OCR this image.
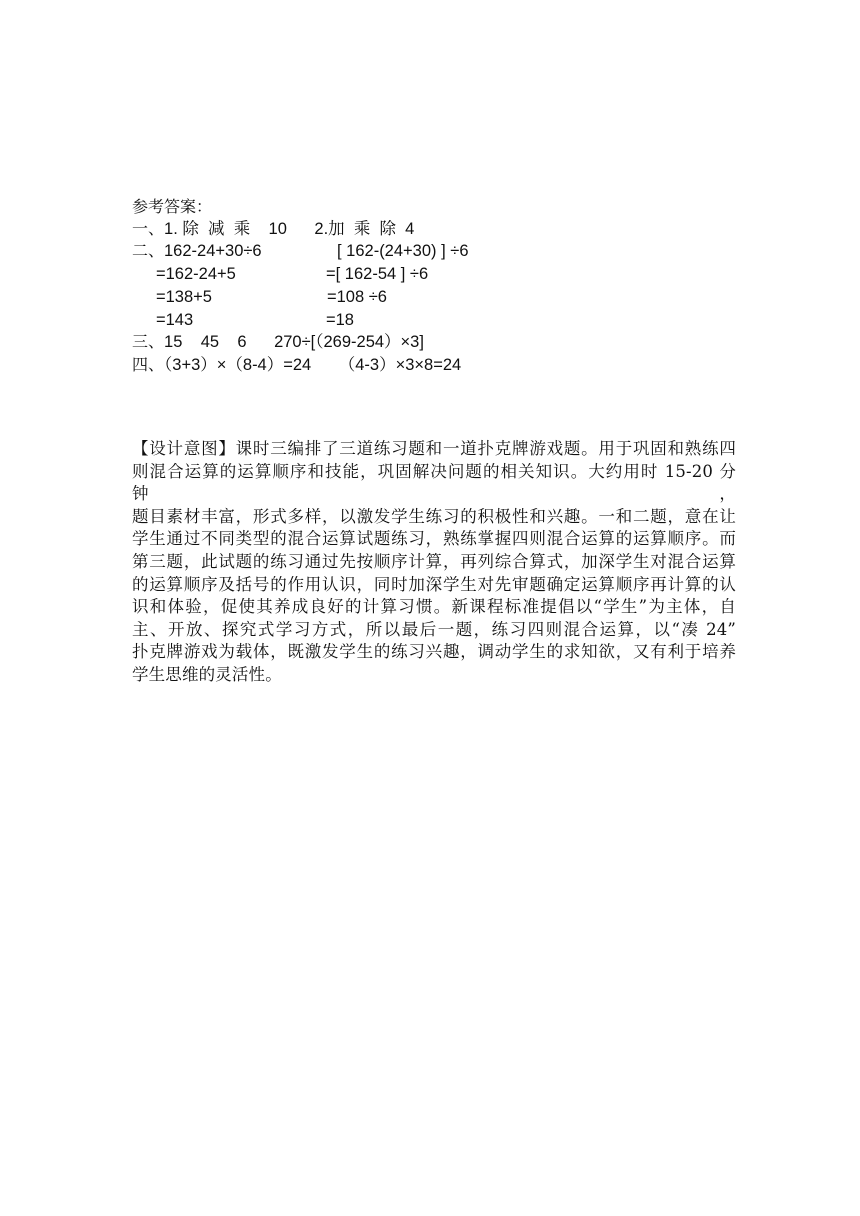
参考答案：
一、1. 除  减  乘    10      2.加  乘  除  4
二、 162-24+30÷6	[ 162-(24+30) ] ÷6
=162-24+5	=[ 162-54 ] ÷6
=138+5	=108 ÷6
=143	=18
三、15    45    6      270÷[（269-254）×3]
四、（3+3）×（8-4）=24      （4-3）×3×8=24
【设计意图】课时三编排了三道练习题和一道扑克牌游戏题。用于巩固和熟练四
则混合运算的运算顺序和技能，巩固解决问题的相关知识。大约用时 15-20 分钟，
题目素材丰富，形式多样，以激发学生练习的积极性和兴趣。一和二题，意在让
学生通过不同类型的混合运算试题练习，熟练掌握四则混合运算的运算顺序。而
第三题，此试题的练习通过先按顺序计算，再列综合算式，加深学生对混合运算
的运算顺序及括号的作用认识，同时加深学生对先审题确定运算顺序再计算的认
识和体验，促使其养成良好的计算习惯。新课程标准提倡以“学生”为主体，自
主、开放、探究式学习方式，所以最后一题，练习四则混合运算，以“凑 24”
扑克牌游戏为载体，既激发学生的练习兴趣，调动学生的求知欲，又有利于培养
学生思维的灵活性。
